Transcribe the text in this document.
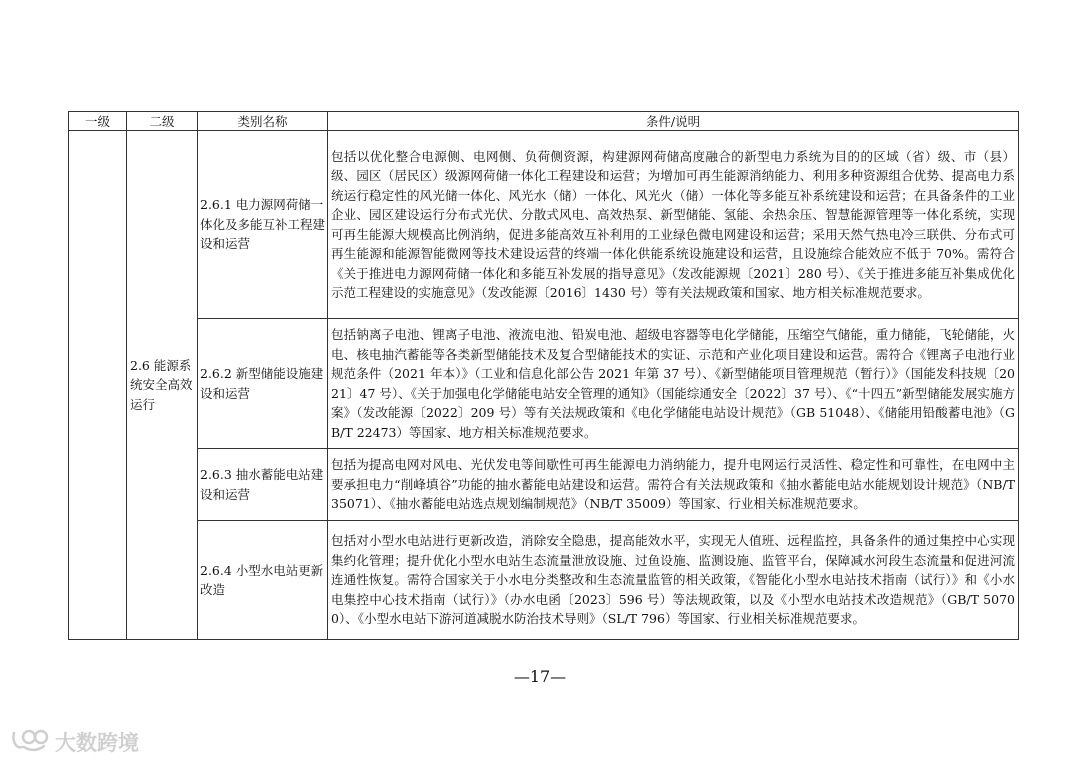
一级	二级	类别名称	条件/说明
	2.6 能源系统安全高效运行	2.6.1 电力源网荷储一体化及多能互补工程建设和运营	包括以优化整合电源侧、电网侧、负荷侧资源，构建源网荷储高度融合的新型电力系统为目的的区域（省）级、市（县）级、园区（居民区）级源网荷储一体化工程建设和运营；为增加可再生能源消纳能力、利用多种资源组合优势、提高电力系统运行稳定性的风光储一体化、风光水（储）一体化、风光火（储）一体化等多能互补系统建设和运营；在具备条件的工业企业、园区建设运行分布式光伏、分散式风电、高效热泵、新型储能、氢能、余热余压、智慧能源管理等一体化系统，实现可再生能源大规模高比例消纳，促进多能高效互补利用的工业绿色微电网建设和运营；采用天然气热电冷三联供、分布式可再生能源和能源智能微网等技术建设运营的终端一体化供能系统设施建设和运营，且设施综合能效应不低于 70%。需符合《关于推进电力源网荷储一体化和多能互补发展的指导意见》（发改能源规〔2021〕280 号）、《关于推进多能互补集成优化示范工程建设的实施意见》（发改能源〔2016〕1430 号）等有关法规政策和国家、地方相关标准规范要求。
		2.6.2 新型储能设施建设和运营	包括钠离子电池、锂离子电池、液流电池、铅炭电池、超级电容器等电化学储能，压缩空气储能，重力储能，飞轮储能，火电、核电抽汽蓄能等各类新型储能技术及复合型储能技术的实证、示范和产业化项目建设和运营。需符合《锂离子电池行业规范条件（2021 年本）》（工业和信息化部公告 2021 年第 37 号）、《新型储能项目管理规范（暂行）》（国能发科技规〔2021〕47 号）、《关于加强电化学储能电站安全管理的通知》（国能综通安全〔2022〕37 号）、《“十四五”新型储能发展实施方案》（发改能源〔2022〕209 号）等有关法规政策和《电化学储能电站设计规范》（GB 51048）、《储能用铅酸蓄电池》（GB/T 22473）等国家、地方相关标准规范要求。
		2.6.3 抽水蓄能电站建设和运营	包括为提高电网对风电、光伏发电等间歇性可再生能源电力消纳能力，提升电网运行灵活性、稳定性和可靠性，在电网中主要承担电力“削峰填谷”功能的抽水蓄能电站建设和运营。需符合有关法规政策和《抽水蓄能电站水能规划设计规范》（NB/T 35071）、《抽水蓄能电站选点规划编制规范》（NB/T 35009）等国家、行业相关标准规范要求。
		2.6.4 小型水电站更新改造	包括对小型水电站进行更新改造，消除安全隐患，提高能效水平，实现无人值班、远程监控，具备条件的通过集控中心实现集约化管理；提升优化小型水电站生态流量泄放设施、过鱼设施、监测设施、监管平台，保障减水河段生态流量和促进河流连通性恢复。需符合国家关于小水电分类整改和生态流量监管的相关政策，《智能化小型水电站技术指南（试行）》和《小水电集控中心技术指南（试行）》（办水电函〔2023〕596 号）等法规政策，以及《小型水电站技术改造规范》（GB/T 50700）、《小型水电站下游河道减脱水防治技术导则》（SL/T 796）等国家、行业相关标准规范要求。
—17—
大数跨境
